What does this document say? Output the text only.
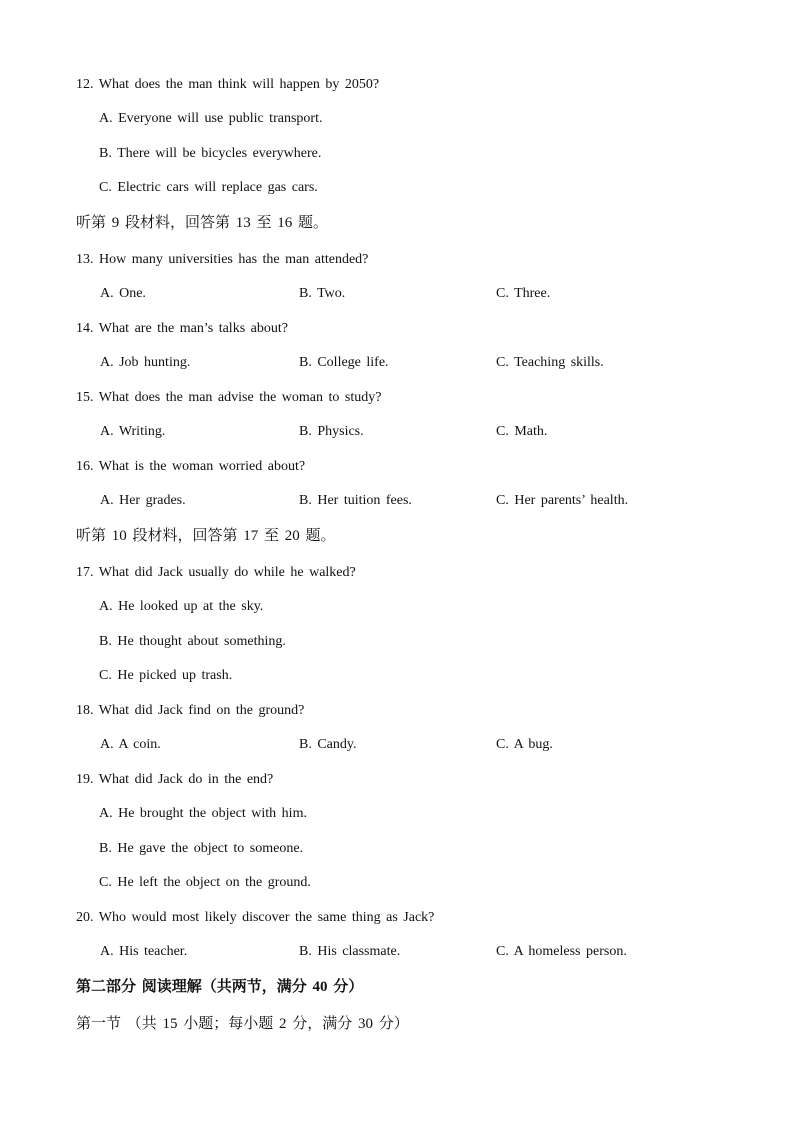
12. What does the man think will happen by 2050?
A. Everyone will use public transport.
B. There will be bicycles everywhere.
C. Electric cars will replace gas cars.
听第 9 段材料，回答第 13 至 16 题。
13. How many universities has the man attended?
A. One.	B. Two.	C. Three.
14. What are the man’s talks about?
A. Job hunting.	B. College life.	C. Teaching skills.
15. What does the man advise the woman to study?
A. Writing.	B. Physics.	C. Math.
16. What is the woman worried about?
A. Her grades.	B. Her tuition fees.	C. Her parents’ health.
听第 10 段材料，回答第 17 至 20 题。
17. What did Jack usually do while he walked?
A. He looked up at the sky.
B. He thought about something.
C. He picked up trash.
18. What did Jack find on the ground?
A. A coin.	B. Candy.	C. A bug.
19. What did Jack do in the end?
A. He brought the object with him.
B. He gave the object to someone.
C. He left the object on the ground.
20. Who would most likely discover the same thing as Jack?
A. His teacher.	B. His classmate.	C. A homeless person.
第二部分 阅读理解（共两节，满分 40 分）
第一节 （共 15 小题；每小题 2 分，满分 30 分）
